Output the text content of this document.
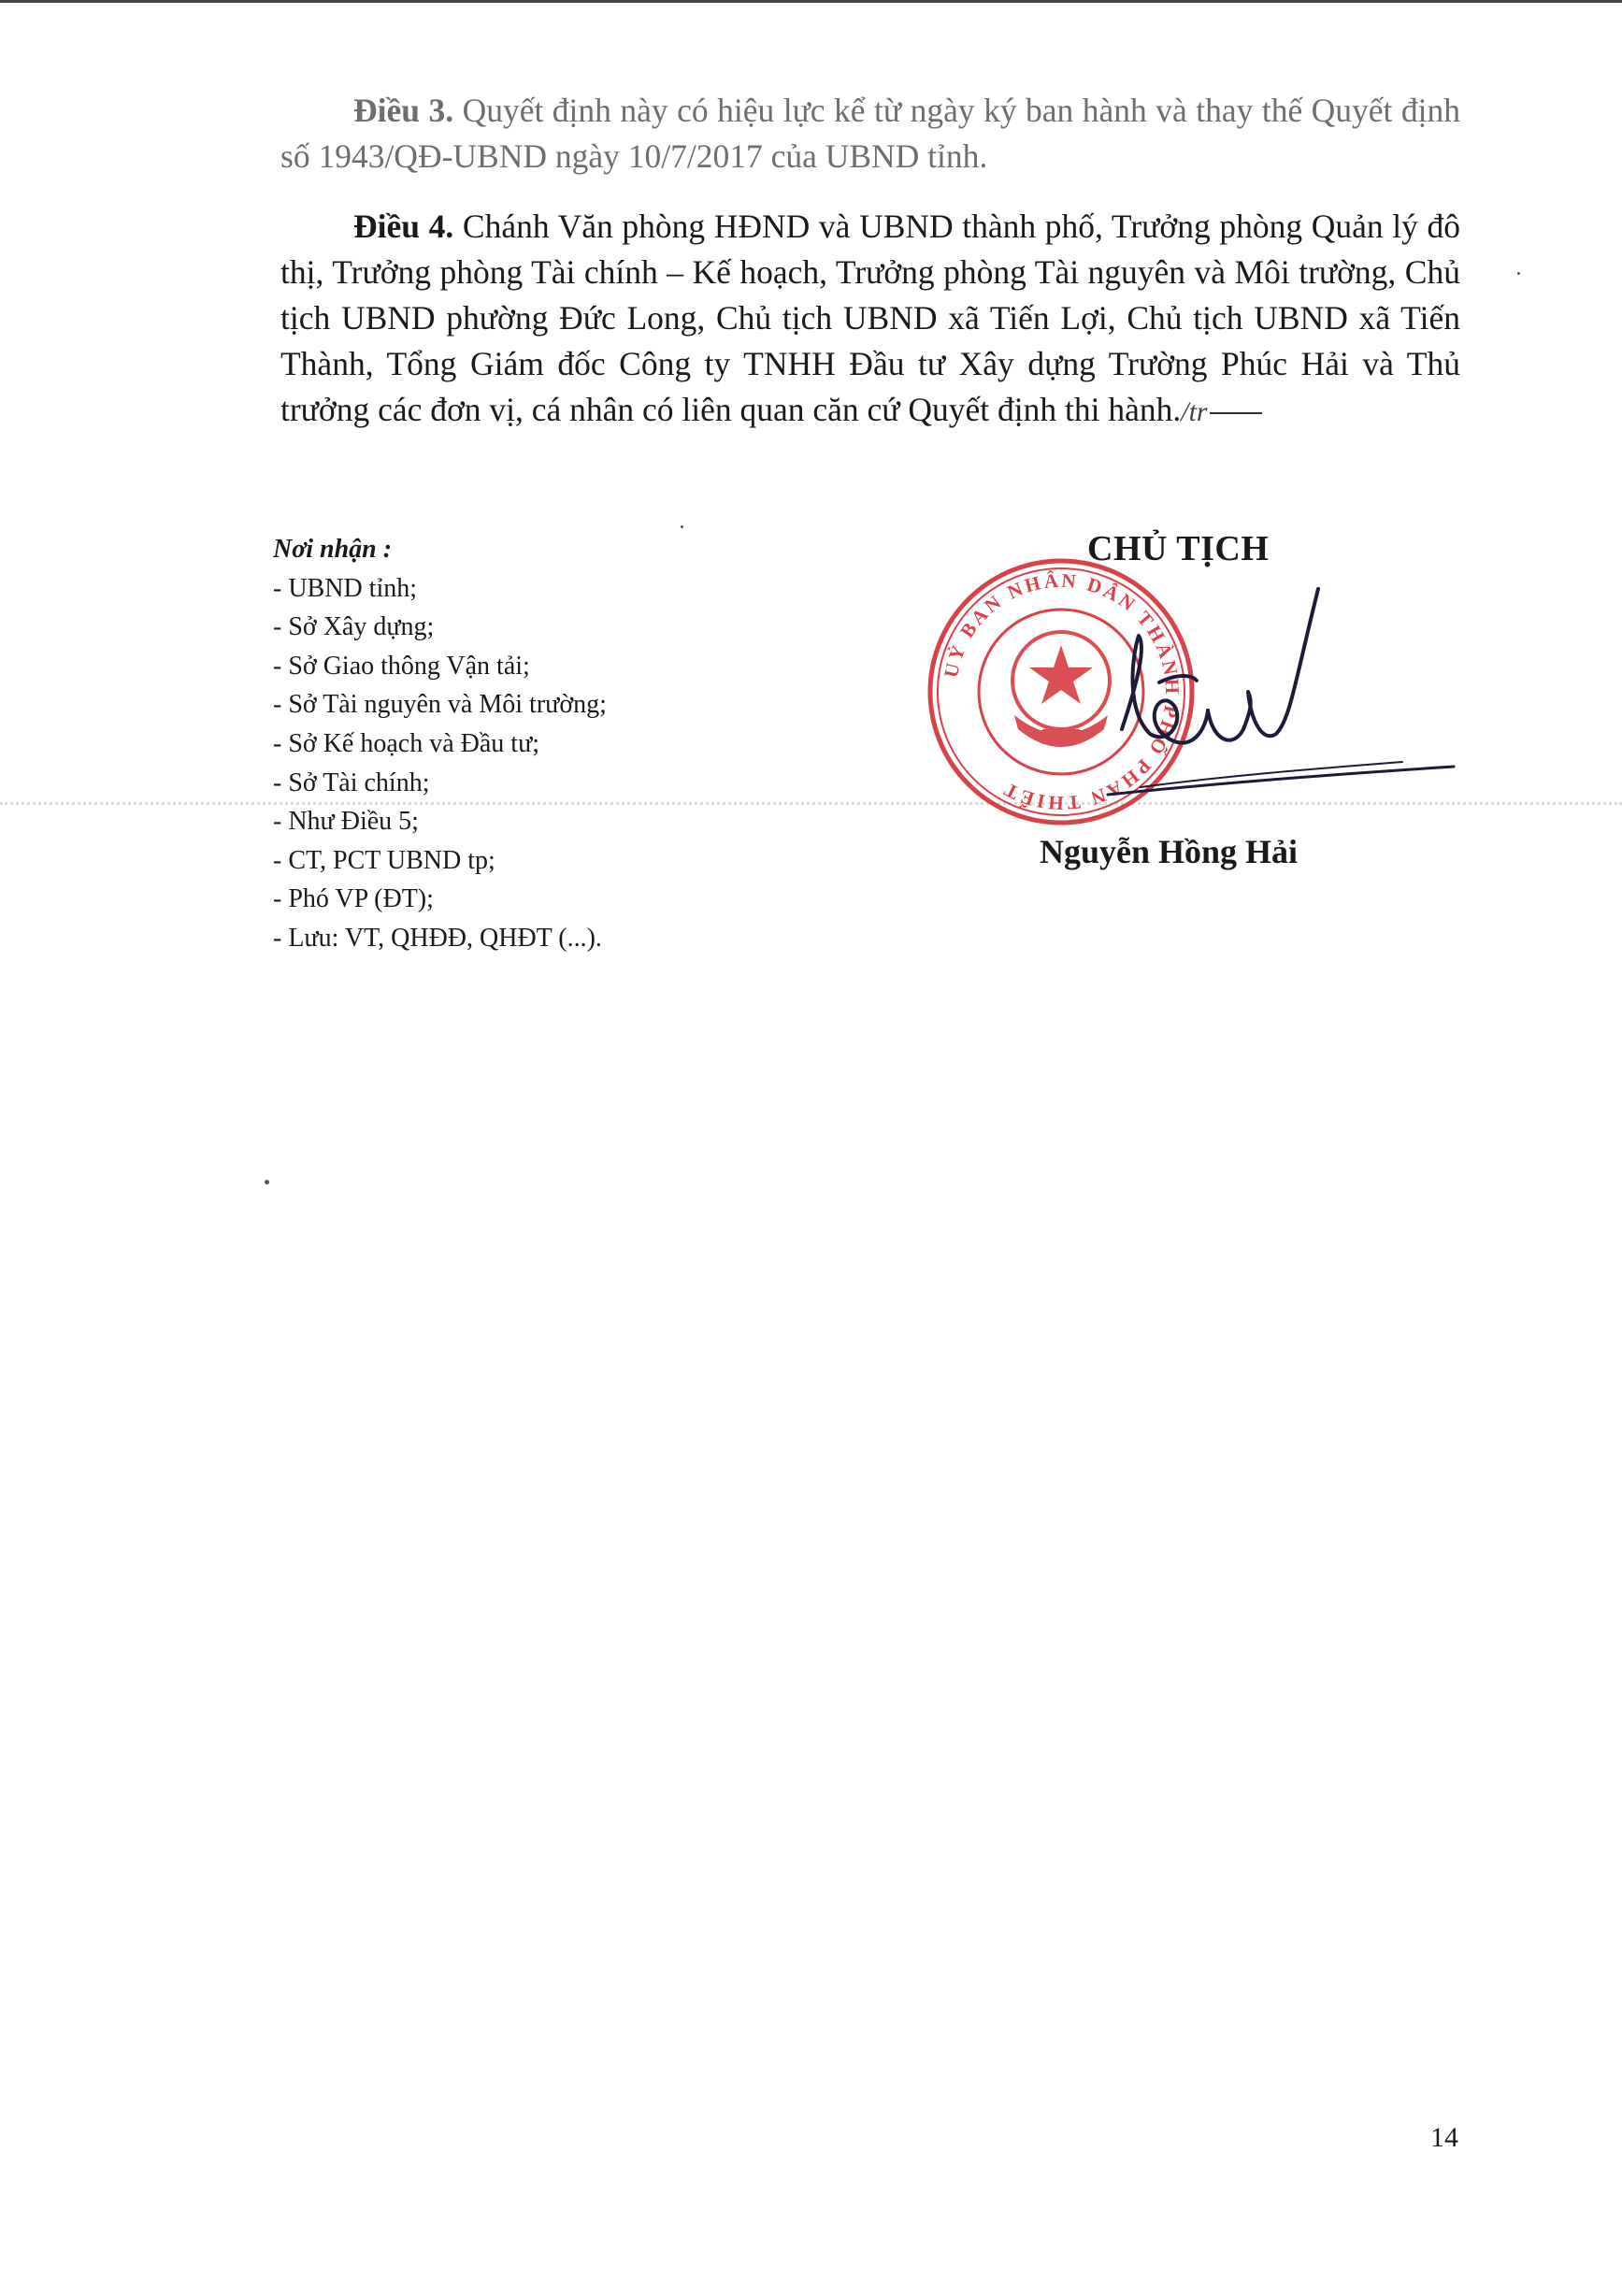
Điều 3. Quyết định này có hiệu lực kể từ ngày ký ban hành và thay thế Quyết định số 1943/QĐ-UBND ngày 10/7/2017 của UBND tỉnh.

Điều 4. Chánh Văn phòng HĐND và UBND thành phố, Trưởng phòng Quản lý đô thị, Trưởng phòng Tài chính – Kế hoạch, Trưởng phòng Tài nguyên và Môi trường, Chủ tịch UBND phường Đức Long, Chủ tịch UBND xã Tiến Lợi, Chủ tịch UBND xã Tiến Thành, Tổng Giám đốc Công ty TNHH Đầu tư Xây dựng Trường Phúc Hải và Thủ trưởng các đơn vị, cá nhân có liên quan căn cứ Quyết định thi hành./tr

Nơi nhận :
- UBND tỉnh;
- Sở Xây dựng;
- Sở Giao thông Vận tải;
- Sở Tài nguyên và Môi trường;
- Sở Kế hoạch và Đầu tư;
- Sở Tài chính;
- Như Điều 5;
- CT, PCT UBND tp;
- Phó VP (ĐT);
- Lưu: VT, QHĐĐ, QHĐT (...).
UỶ BAN NHÂN DÂN THÀNH PHỐ PHAN THIẾT
CHỦ TỊCH
Nguyễn Hồng Hải
14
